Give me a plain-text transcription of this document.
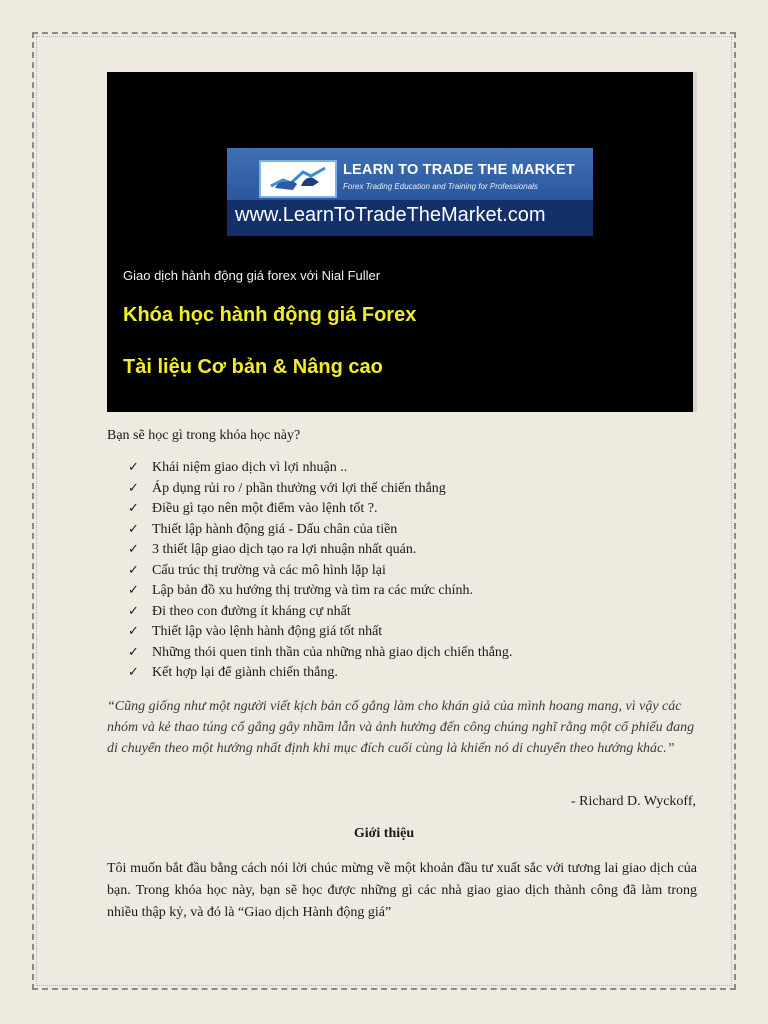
LEARN TO TRADE THE MARKET
Forex Trading Education and Training for Professionals
www.LearnToTradeTheMarket.com
Giao dịch hành động giá forex với Nial Fuller
Khóa học hành động giá Forex
Tài liệu Cơ bản & Nâng cao
Bạn sẽ học gì trong khóa học này?
✓ Khái niệm giao dịch vì lợi nhuận ..
✓ Áp dụng rủi ro / phần thưởng với lợi thế chiến thắng
✓ Điều gì tạo nên một điểm vào lệnh tốt ?.
✓ Thiết lập hành động giá - Dấu chân của tiền
✓ 3 thiết lập giao dịch tạo ra lợi nhuận nhất quán.
✓ Cấu trúc thị trường và các mô hình lặp lại
✓ Lập bản đồ xu hướng thị trường và tìm ra các mức chính.
✓ Đi theo con đường ít kháng cự nhất
✓ Thiết lập vào lệnh hành động giá tốt nhất
✓ Những thói quen tinh thần của những nhà giao dịch chiến thắng.
✓ Kết hợp lại để giành chiến thắng.
“Cũng giống như một người viết kịch bản cố gắng làm cho khán giả của mình hoang mang, vì vậy các nhóm và kẻ thao túng cố gắng gây nhầm lẫn và ảnh hưởng đến công chúng nghĩ rằng một cổ phiếu đang di chuyển theo một hướng nhất định khi mục đích cuối cùng là khiến nó di chuyển theo hướng khác.”
- Richard D. Wyckoff,
Giới thiệu
Tôi muốn bắt đầu bằng cách nói lời chúc mừng về một khoản đầu tư xuất sắc với tương lai giao dịch của bạn. Trong khóa học này, bạn sẽ học được những gì các nhà giao giao dịch thành công đã làm trong nhiều thập kỷ, và đó là “Giao dịch Hành động giá”
